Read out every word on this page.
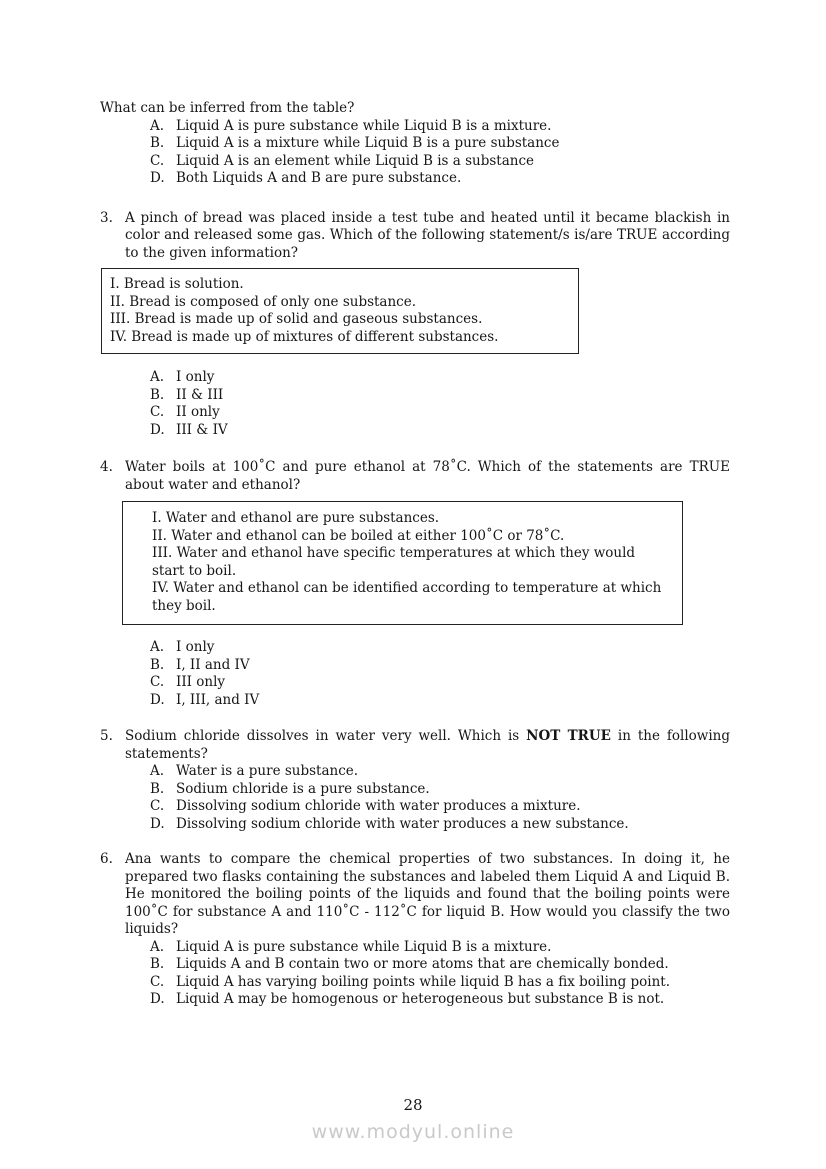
What can be inferred from the table?
A. Liquid A is pure substance while Liquid B is a mixture.
B. Liquid A is a mixture while Liquid B is a pure substance
C. Liquid A is an element while Liquid B is a substance
D. Both Liquids A and B are pure substance.
3. A pinch of bread was placed inside a test tube and heated until it became blackish in color and released some gas. Which of the following statement/s is/are TRUE according to the given information?
I. Bread is solution.
II. Bread is composed of only one substance.
III. Bread is made up of solid and gaseous substances.
IV. Bread is made up of mixtures of different substances.
A. I only
B. II & III
C. II only
D. III & IV
4. Water boils at 100˚C and pure ethanol at 78˚C. Which of the statements are TRUE about water and ethanol?
I. Water and ethanol are pure substances.
II. Water and ethanol can be boiled at either 100˚C or 78˚C.
III. Water and ethanol have specific temperatures at which they would start to boil.
IV. Water and ethanol can be identified according to temperature at which they boil.
A. I only
B. I, II and IV
C. III only
D. I, III, and IV
5. Sodium chloride dissolves in water very well. Which is NOT TRUE in the following statements?
A. Water is a pure substance.
B. Sodium chloride is a pure substance.
C. Dissolving sodium chloride with water produces a mixture.
D. Dissolving sodium chloride with water produces a new substance.
6. Ana wants to compare the chemical properties of two substances. In doing it, he prepared two flasks containing the substances and labeled them Liquid A and Liquid B. He monitored the boiling points of the liquids and found that the boiling points were 100˚C for substance A and 110˚C - 112˚C for liquid B. How would you classify the two liquids?
A. Liquid A is pure substance while Liquid B is a mixture.
B. Liquids A and B contain two or more atoms that are chemically bonded.
C. Liquid A has varying boiling points while liquid B has a fix boiling point.
D. Liquid A may be homogenous or heterogeneous but substance B is not.
28
www.modyul.online
